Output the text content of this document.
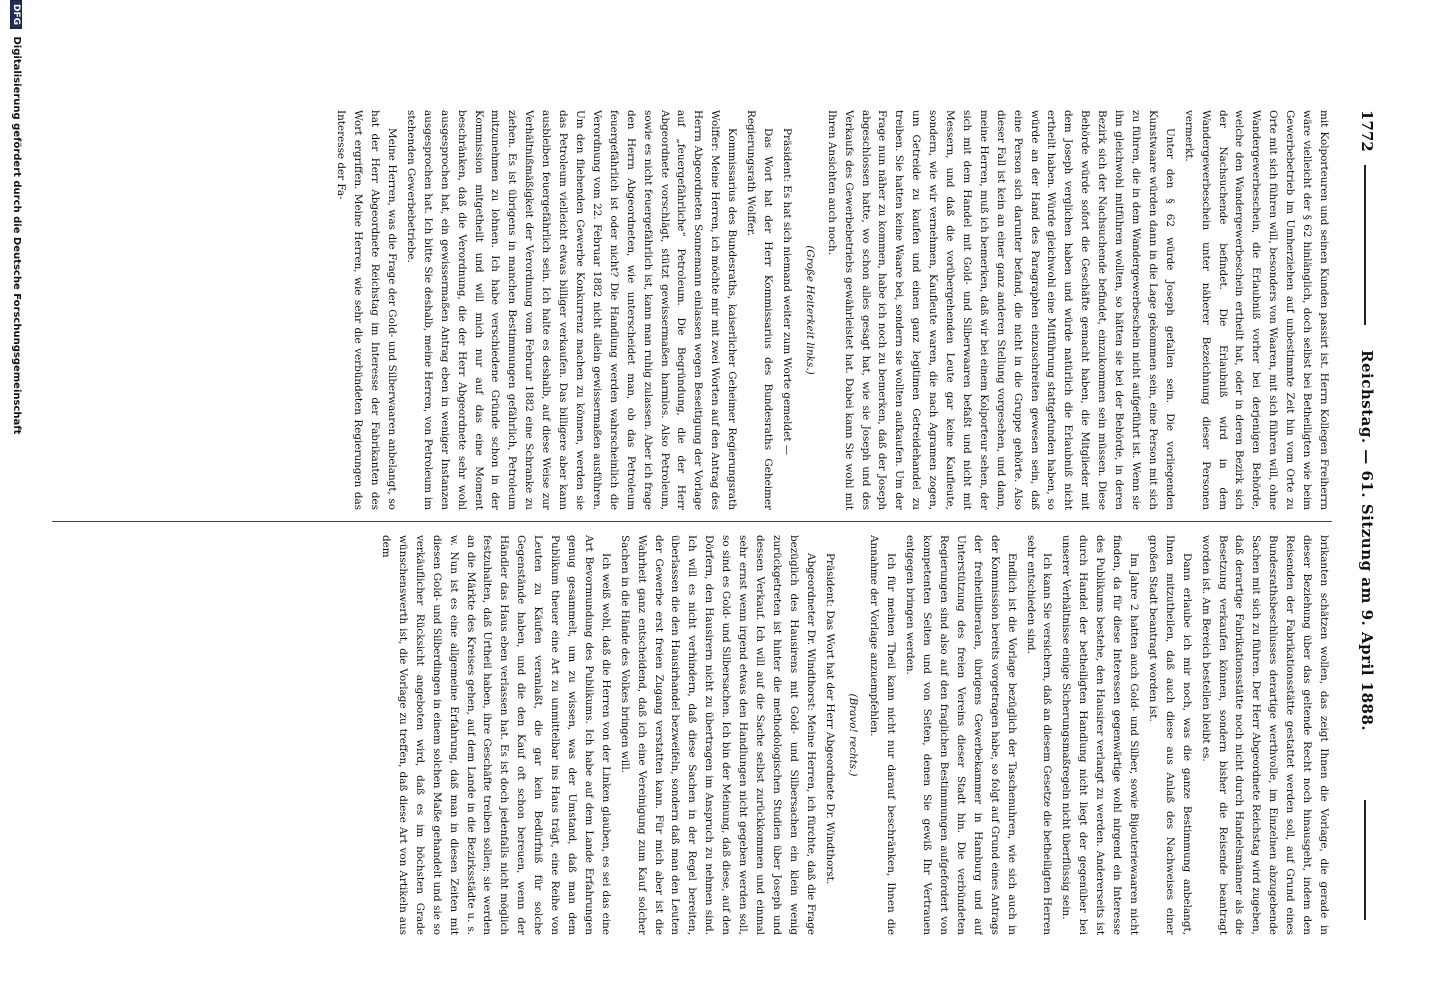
1772
Reichstag. — 61. Sitzung am 9. April 1888.

mit Kolporteuren und seinen Kunden passirt ist. Herrn Kollegen Freiherrn wäre vielleicht der § 62 hinlänglich, doch selbst bei Betheiligten wie beim Gewerbebetrieb im Umherziehen auf unbestimmte Zeit hin vom Orte zu Orte mit sich führen will, besonders von Waaren, mit sich führen will, ohne Wandergewerbeschein, die Erlaubniß vorher bei derjenigen Behörde, welche den Wandergewerbeschein ertheilt hat, oder in deren Bezirk sich der Nachsuchende befindet. Die Erlaubniß wird in dem Wandergewerbeschein unter näherer Bezeichnung dieser Personen vermerkt.

Unter den § 62 würde Joseph gefallen sein. Die vorliegenden Kunstwaare würden dann in die Lage gekommen sein, eine Person mit sich zu führen, die in dem Wandergewerbeschein nicht aufgeführt ist. Wenn sie ihn gleichwohl mitführen wollten, so hätten sie bei der Behörde, in deren Bezirk sich der Nachsuchende befindet, einzukommen sein müssen. Diese Behörde würde sofort die Geschäfte gemacht haben, die Mitglieder mit dem Joseph verglichen haben und würde natürlich die Erlaubniß nicht ertheilt haben. Würde gleichwohl eine Mitführung stattgefunden haben, so würde an der Hand des Paragraphen einzuschreiten gewesen sein, daß eine Person sich darunter befand, die nicht in die Gruppe gehörte. Also dieser Fall ist kein an einer ganz anderen Stellung vorgesehen, und dann, meine Herren, muß ich bemerken, daß wir bei einem Kolporteur sehen, der sich mit dem Handel mit Gold- und Silberwaaren befaßt und nicht mit Messern, und daß die vorübergehenden Leute gar keine Kaufleute, sondern, wie wir vernehmen, Kaufleute waren, die nach Agramen zogen, um Getreide zu kaufen und einen ganz legitimen Getreidehandel zu treiben. Sie hatten keine Waare bei, sondern sie wollten aufkaufen. Um der Frage nun näher zu kommen, habe ich noch zu bemerken, daß der Joseph abgeschlossen hatte, wo schon alles gesagt hat, wie sie Joseph und des Verkaufs des Gewerbebetriebs gewährleistet hat. Dabei kann Sie wohl mit Ihren Ansichten auch noch.

(Große Heiterkeit links.)

Präsident: Es hat sich niemand weiter zum Worte gemeldet —

Das Wort hat der Herr Kommissarius des Bundesraths Geheimer Regierungsrath Wolffer.

Kommissarius des Bundesraths, kaiserlicher Geheimer Regierungsrath Wolffer: Meine Herren, ich möchte mir mit zwei Worten auf den Antrag des Herrn Abgeordneten Sonnemann einlassen wegen Beseitigung der Vorlage auf „feuergefährliche“ Petroleum. Die Begründung, die der Herr Abgeordnete vorschlägt, stützt gewissermaßen harmlos. Also Petroleum, sowie es nicht feuergefährlich ist, kann man ruhig zulassen. Aber ich frage den Herrn Abgeordneten, wie unterscheidet man, ob das Petroleum feuergefährlich ist oder nicht? Die Handlung werden wahrscheinlich die Verordnung vom 22. Februar 1882 nicht allein gewissermaßen ausführen. Um den fliehenden Gewerbe Konkurrenz machen zu können, werden sie das Petroleum vielleicht etwas billiger verkaufen. Das billigere aber kann ausbleiben feuergefährlich sein. Ich halte es deshalb, auf diese Weise zur Verhältnißmäßigkeit der Verordnung vom Februar 1882 eine Schranke zu ziehen. Es ist übrigens in manchen Bestimmungen gefährlich, Petroleum mitzunehmen zu lohnen. Ich habe verschiedene Gründe schon in der Kommission mitgetheilt und will mich nur auf das eine Moment beschränken, daß die Verordnung, die der Herr Abgeordnete sehr wohl ausgesprochen hat, ein gewissermaßen Antrag eben in weniger Instanzen ausgesprochen hat. Ich bitte Sie deshalb, meine Herren, von Petroleum im stehenden Gewerbebetriebe.

Meine Herren, was die Frage der Gold- und Silberwaaren anbelangt, so hat der Herr Abgeordnete Reichstag im Interesse der Fabrikanten des Wort ergriffen. Meine Herren, wie sehr die verbündeten Regierungen das Interesse der Fa-

brikanten schätzen wollen, das zeigt Ihnen die Vorlage, die gerade in dieser Beziehung über das geltende Recht noch hinausgeht, indem den Reisenden der Fabrikationsstätte gestattet werden soll, auf Grund eines Bundesrathsbeschlusses derartige werthvolle, im Einzelnen abzugebende Sachen mit sich zu führen. Der Herr Abgeordnete Reichstag wird zugeben, daß derartige Fabrikationsstätte noch nicht durch Handelsmänner als die Besetzung verkaufen können, sondern bisher die Reisende beantragt worden ist. Am Bereich bestellen bleibt es.

Dann erlaube ich mir noch, was die ganze Bestimmung anbelangt, Ihnen mitzutheilen, daß auch diese aus Anlaß des Nachweises einer großen Stadt beantragt worden ist.

Im Jahre 2 hatten auch Gold- und Silber, sowie Bijouteriewaaren nicht finden, da für diese Interessen gegenwärtige wohl nirgend ein Interesse des Publikums bestehe, den Hausirer verlangt zu werden. Andererseits ist durch Handel der betheiligten Handlung nicht liegt der gegenüber bei unserer Verhältnisse einige Sicherungsmaßregeln nicht überflüssig sein.

Ich kann Sie versichern, daß an diesem Gesetze die betheiligten Herren sehr entschieden sind.

Endlich ist die Vorlage bezüglich der Taschenuhren, wie sich auch in der Kommission bereits vorgetragen habe, so folgt auf Grund eines Antrags der freiheitliberalen, übrigens Gewerbekammer in Hamburg und auf Unterstützung des freien Vereins dieser Stadt hin. Die verbündeten Regierungen sind also auf den fraglichen Bestimmungen aufgefordert von kompetenten Seiten und von Seiten, denen Sie gewiß Ihr Vertrauen entgegen bringen werden.

Ich für meinen Theil kann nicht nur darauf beschränken, Ihnen die Annahme der Vorlage anzuempfehlen.

(Bravo! rechts.)

Präsident: Das Wort hat der Herr Abgeordnete Dr. Windthorst.

Abgeordneter Dr. Windthorst: Meine Herren, ich fürchte, daß die Frage bezüglich des Hausirens mit Gold- und Silbersachen ein klein wenig zurückgetreten ist hinter die methodologischen Studien über Joseph und dessen Verkauf. Ich will auf die Sache selbst zurückkommen und einmal sehr ernst wenn irgend etwas den Handlungen nicht gegeben werden soll, so sind es Gold- und Silbersachen. Ich bin der Meinung, daß diese, auf den Dörfern, den Hausirern nicht zu übertragen im Anspruch zu nehmen sind. Ich will es nicht verhindern, daß diese Sachen in der Regel bereiten, überlassen die den Hausirhandel bezweifeln, sondern daß man den Leuten der Gewerbe erst freien Zugang verstatten kann. Für mich aber ist die Wahrheit ganz entscheidend, daß ich eine Vereinigung zum Kauf solcher Sachen in die Hände des Volkes bringen will.

Ich weiß wohl, daß die Herren von der Linken glauben, es sei das eine Art Bevormundung des Publikums. Ich habe auf dem Lande Erfahrungen genug gesammelt, um zu wissen, was der Umstand, daß man dem Publikum theuer eine Art zu unmittelbar ins Haus trägt, eine Reihe von Leuten zu Käufen veranlaßt, die gar kein Bedürfniß für solche Gegenstände haben, und die den Kauf oft schon bereuen, wenn der Händler das Haus eben verlassen hat. Es ist doch jedenfalls nicht möglich festzuhalten, daß Urtheil haben, ihre Geschäfte treiben sollen; sie werden an die Märkte des Kreises gehen, auf dem Lande in die Bezirksstädte u. s. w. Nun ist es eine allgemeine Erfahrung, daß man in diesen Zeiten mit diesen Gold- und Silberdingen in einem solchen Maße gehandelt und sie so verkäuflicher Rücksicht angeboten wird, daß es im höchsten Grade wünschenswerth ist, die Vorlage zu treffen, daß diese Art von Artikeln aus dem

DFG Digitalisierung gefördert durch die Deutsche Forschungsgemeinschaft
